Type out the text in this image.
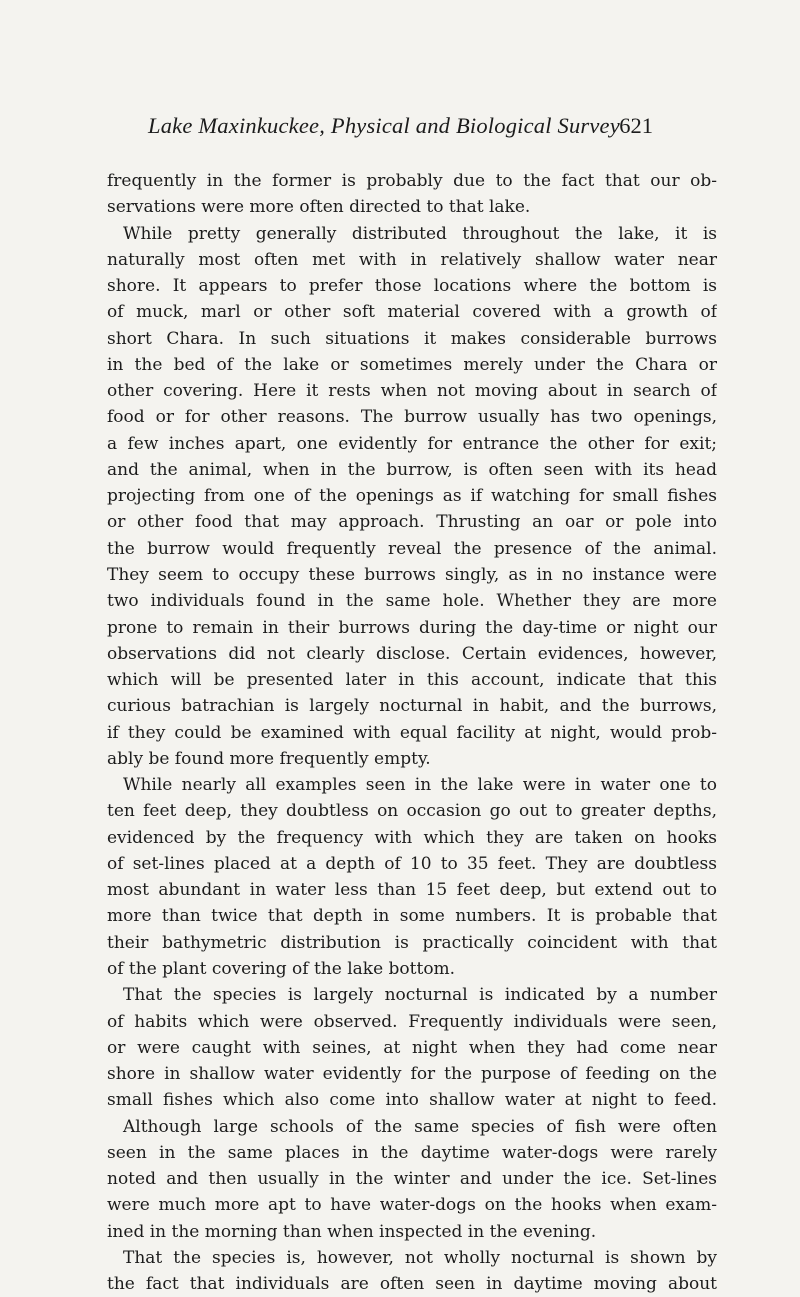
Lake Maxinkuckee, Physical and Biological Survey 621
frequently in the former is probably due to the fact that our ob-
servations were more often directed to that lake.
While pretty generally distributed throughout the lake, it is
naturally most often met with in relatively shallow water near
shore. It appears to prefer those locations where the bottom is
of muck, marl or other soft material covered with a growth of
short Chara. In such situations it makes considerable burrows
in the bed of the lake or sometimes merely under the Chara or
other covering. Here it rests when not moving about in search of
food or for other reasons. The burrow usually has two openings,
a few inches apart, one evidently for entrance the other for exit;
and the animal, when in the burrow, is often seen with its head
projecting from one of the openings as if watching for small fishes
or other food that may approach. Thrusting an oar or pole into
the burrow would frequently reveal the presence of the animal.
They seem to occupy these burrows singly, as in no instance were
two individuals found in the same hole. Whether they are more
prone to remain in their burrows during the day-time or night our
observations did not clearly disclose. Certain evidences, however,
which will be presented later in this account, indicate that this
curious batrachian is largely nocturnal in habit, and the burrows,
if they could be examined with equal facility at night, would prob-
ably be found more frequently empty.
While nearly all examples seen in the lake were in water one to
ten feet deep, they doubtless on occasion go out to greater depths,
evidenced by the frequency with which they are taken on hooks
of set-lines placed at a depth of 10 to 35 feet. They are doubtless
most abundant in water less than 15 feet deep, but extend out to
more than twice that depth in some numbers. It is probable that
their bathymetric distribution is practically coincident with that
of the plant covering of the lake bottom.
That the species is largely nocturnal is indicated by a number
of habits which were observed. Frequently individuals were seen,
or were caught with seines, at night when they had come near
shore in shallow water evidently for the purpose of feeding on the
small fishes which also come into shallow water at night to feed.
Although large schools of the same species of fish were often
seen in the same places in the daytime water-dogs were rarely
noted and then usually in the winter and under the ice. Set-lines
were much more apt to have water-dogs on the hooks when exam-
ined in the morning than when inspected in the evening.
That the species is, however, not wholly nocturnal is shown by
the fact that individuals are often seen in daytime moving about
